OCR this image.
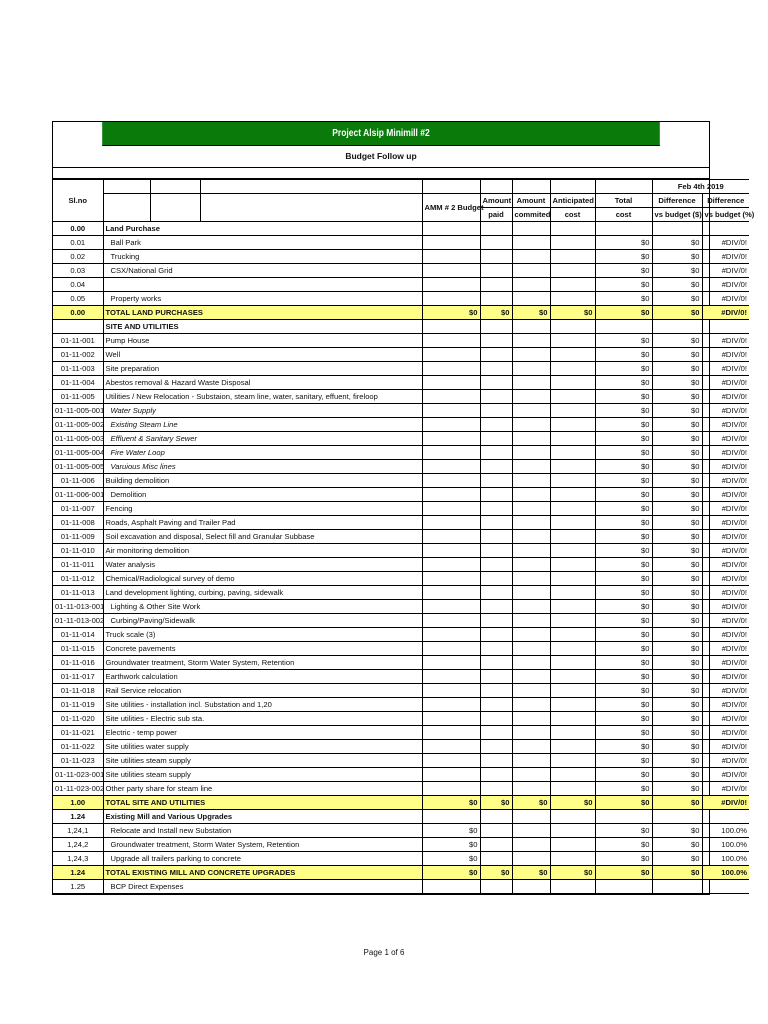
Project Alsip Minimill #2
Budget Follow up
Sl.no									Feb 4th 2019	
				AMM # 2 Budget	Amount	Amount	Anticipated	Total	Difference	Difference
					paid	commited	cost	cost	vs budget ($)	vs budget (%)
0.00	Land Purchase									
0.01	Ball Park							$0	$0	#DIV/0!
0.02	Trucking							$0	$0	#DIV/0!
0.03	CSX/National Grid							$0	$0	#DIV/0!
0.04								$0	$0	#DIV/0!
0.05	Property works							$0	$0	#DIV/0!
0.00	TOTAL LAND PURCHASES			$0	$0	$0	$0	$0	$0	#DIV/0!
	SITE AND UTILITIES									
01-11-001	Pump House							$0	$0	#DIV/0!
01-11-002	Well							$0	$0	#DIV/0!
01-11-003	Site preparation							$0	$0	#DIV/0!
01-11-004	Abestos removal & Hazard Waste Disposal							$0	$0	#DIV/0!
01-11-005	Utilities / New Relocation - Substaion, steam line, water, sanitary, effuent, fireloop							$0	$0	#DIV/0!
01-11-005-001	Water Supply							$0	$0	#DIV/0!
01-11-005-002	Existing Steam Line							$0	$0	#DIV/0!
01-11-005-003	Effluent & Sanitary Sewer							$0	$0	#DIV/0!
01-11-005-004	Fire Water Loop							$0	$0	#DIV/0!
01-11-005-005	Varuious Misc lines							$0	$0	#DIV/0!
01-11-006	Building demolition							$0	$0	#DIV/0!
01-11-006-001	Demolition							$0	$0	#DIV/0!
01-11-007	Fencing							$0	$0	#DIV/0!
01-11-008	Roads, Asphalt Paving and Trailer Pad							$0	$0	#DIV/0!
01-11-009	Soil excavation and disposal, Select fill and Granular Subbase							$0	$0	#DIV/0!
01-11-010	Air monitoring demolition							$0	$0	#DIV/0!
01-11-011	Water analysis							$0	$0	#DIV/0!
01-11-012	Chemical/Radiological survey of demo							$0	$0	#DIV/0!
01-11-013	Land development lighting, curbing, paving, sidewalk							$0	$0	#DIV/0!
01-11-013-001	Lighting & Other Site Work							$0	$0	#DIV/0!
01-11-013-002	Curbing/Paving/Sidewalk							$0	$0	#DIV/0!
01-11-014	Truck scale (3)							$0	$0	#DIV/0!
01-11-015	Concrete pavements							$0	$0	#DIV/0!
01-11-016	Groundwater treatment, Storm Water System, Retention							$0	$0	#DIV/0!
01-11-017	Earthwork calculation							$0	$0	#DIV/0!
01-11-018	Rail Service relocation							$0	$0	#DIV/0!
01-11-019	Site utilities - installation incl. Substation and 1,20							$0	$0	#DIV/0!
01-11-020	Site utilities - Electric sub sta.							$0	$0	#DIV/0!
01-11-021	Electric - temp power							$0	$0	#DIV/0!
01-11-022	Site utilities water supply							$0	$0	#DIV/0!
01-11-023	Site utilities steam supply							$0	$0	#DIV/0!
01-11-023-001	Site utilities steam supply							$0	$0	#DIV/0!
01-11-023-002	Other party share for steam line							$0	$0	#DIV/0!
1.00	TOTAL SITE AND UTILITIES			$0	$0	$0	$0	$0	$0	#DIV/0!
1.24	Existing Mill and Various Upgrades									
1,24,1	Relocate and Install new Substation			$0				$0	$0	100.0%
1,24,2	Groundwater treatment, Storm Water System, Retention			$0				$0	$0	100.0%
1,24,3	Upgrade all trailers parking to concrete			$0				$0	$0	100.0%
1.24	TOTAL EXISTING MILL AND CONCRETE UPGRADES			$0	$0	$0	$0	$0	$0	100.0%
1.25	BCP Direct Expenses									
Page 1 of 6
